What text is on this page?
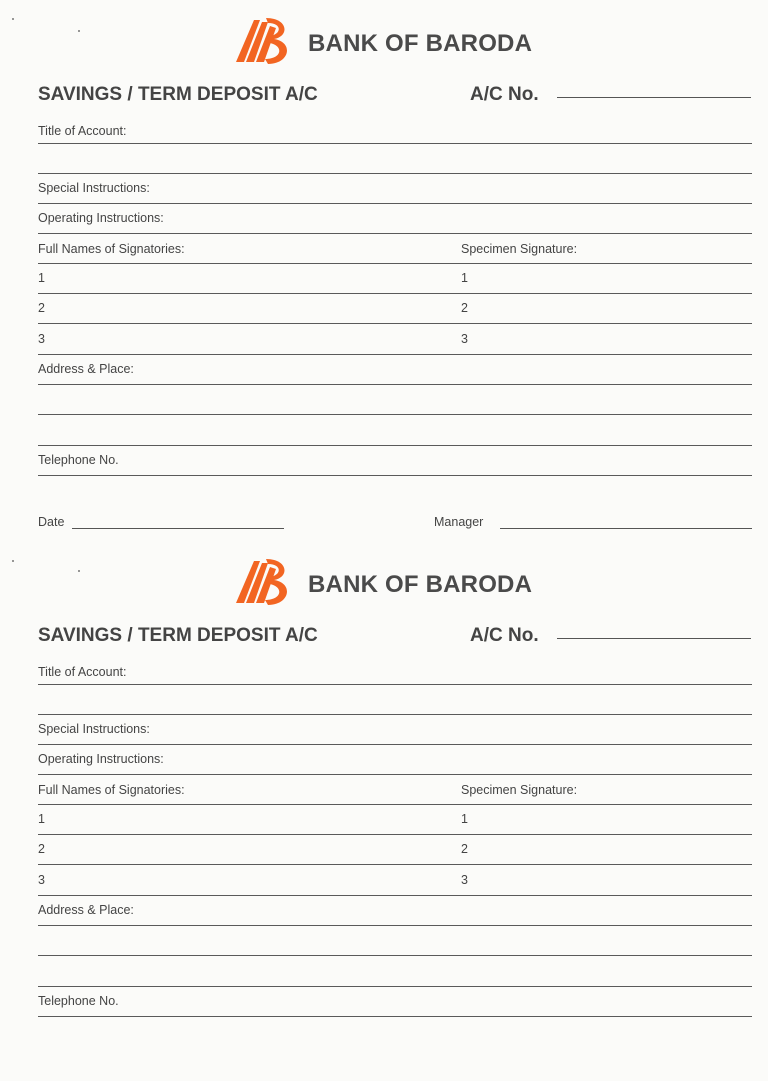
BANK OF BARODA
SAVINGS / TERM DEPOSIT A/C	A/C No.
Title of Account:
Special Instructions:
Operating Instructions:
Full Names of Signatories:	Specimen Signature:
1	1
2	2
3	3
Address & Place:
Telephone No.
Date	Manager
BANK OF BARODA
SAVINGS / TERM DEPOSIT A/C	A/C No.
Title of Account:
Special Instructions:
Operating Instructions:
Full Names of Signatories:	Specimen Signature:
1	1
2	2
3	3
Address & Place:
Telephone No.
